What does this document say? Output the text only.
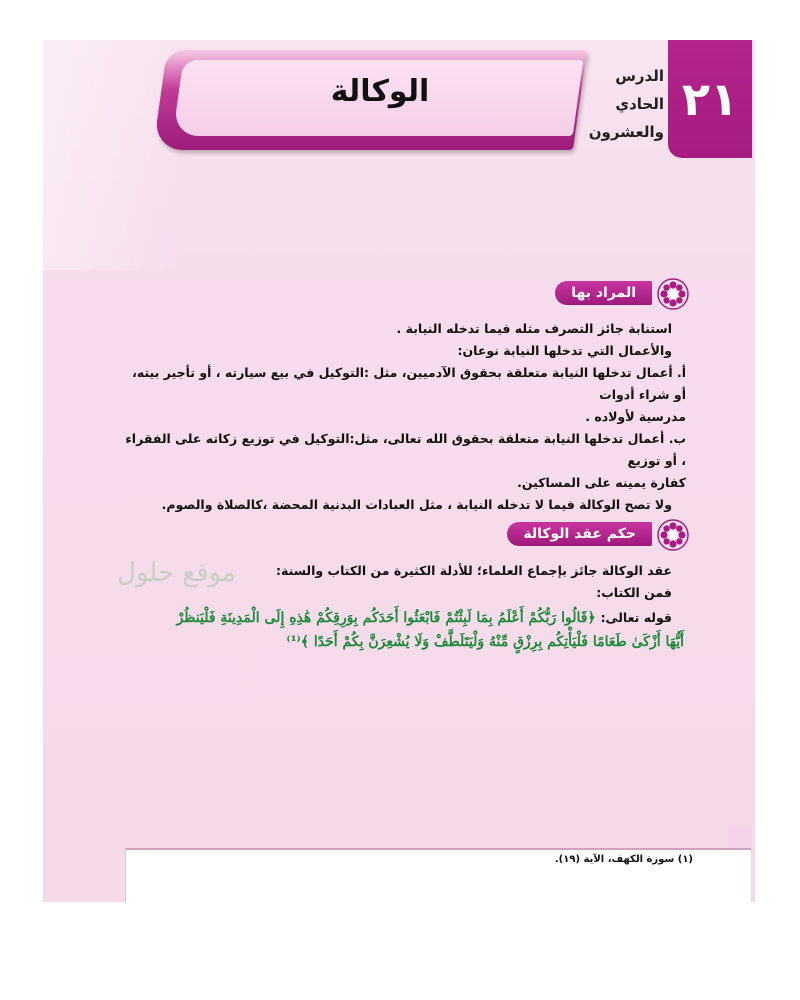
الوكالة	الدرس
الحادي
والعشرون
٢١
المراد بها

استنابة جائز التصرف مثله فيما تدخله النيابة .

والأعمال التي تدخلها النيابة نوعان:

أ. أعمال تدخلها النيابة متعلقة بحقوق الآدميين، مثل :التوكيل في بيع سيارته ، أو تأجير بيته، أو شراء أدوات

مدرسية لأولاده .

ب. أعمال تدخلها النيابة متعلقة بحقوق الله تعالى، مثل:التوكيل في توزيع زكاته على الفقراء ، أو توزيع

كفارة يمينه على المساكين.

ولا تصح الوكالة فيما لا تدخله النيابة ، مثل العبادات البدنية المحضة ،كالصلاة والصوم.

حكم عقد الوكالة
موقع حلول	عقد الوكالة جائز بإجماع العلماء؛ للأدلة الكثيرة من الكتاب والسنة:

فمن الكتاب:

قوله تعالى: ﴿قَالُوا رَبُّكُمْ أَعْلَمُ بِمَا لَبِثْتُمْ فَابْعَثُوا أَحَدَكُم بِوَرِقِكُمْ هَٰذِهِ إِلَى الْمَدِينَةِ فَلْيَنظُرْ
أَيُّهَا أَزْكَىٰ طَعَامًا فَلْيَأْتِكُم بِرِزْقٍ مِّنْهُ وَلْيَتَلَطَّفْ وَلَا يُشْعِرَنَّ بِكُمْ أَحَدًا ﴾⁽¹⁾
(١) سورة الكهف، الآية (١٩).
